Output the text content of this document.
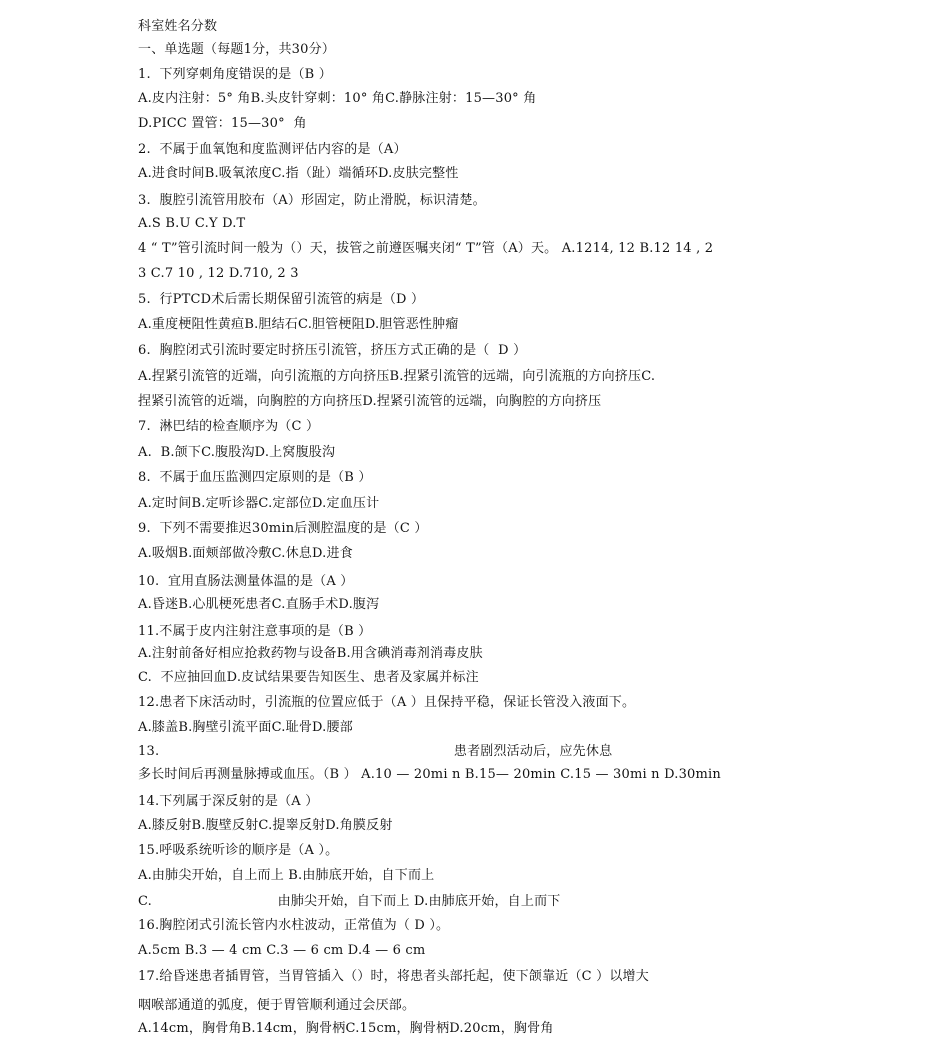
科室姓名分数
一、单选题（每题1分，共30分）
1.  下列穿刺角度错误的是（B ）
A.皮内注射：5° 角B.头皮针穿刺：10° 角C.静脉注射：15—30° 角
D.PICC 置管：15—30°  角
2.  不属于血氧饱和度监测评估内容的是（A）
A.进食时间B.吸氧浓度C.指（趾）端循环D.皮肤完整性
3.  腹腔引流管用胶布（A）形固定，防止滑脱，标识清楚。
A.S B.U C.Y D.T
4 “ T”管引流时间一般为（）天，拔管之前遵医嘱夹闭“ T”管（A）天。 A.1214, 12 B.12 14 , 2
3 C.7 10 , 12 D.710, 2 3
5.  行PTCD术后需长期保留引流管的病是（D ）
A.重度梗阻性黄疸B.胆结石C.胆管梗阻D.胆管恶性肿瘤
6.  胸腔闭式引流时要定时挤压引流管，挤压方式正确的是（  D ）
A.捏紧引流管的近端，向引流瓶的方向挤压B.捏紧引流管的远端，向引流瓶的方向挤压C.
捏紧引流管的近端，向胸腔的方向挤压D.捏紧引流管的远端，向胸腔的方向挤压
7.  淋巴结的检查顺序为（C ）
A.  B.颌下C.腹股沟D.上窝腹股沟
8.  不属于血压监测四定原则的是（B ）
A.定时间B.定听诊器C.定部位D.定血压计
9.  下列不需要推迟30min后测腔温度的是（C ）
A.吸烟B.面颊部做冷敷C.休息D.进食
10.  宜用直肠法测量体温的是（A ）
A.昏迷B.心肌梗死患者C.直肠手术D.腹泻
11.不属于皮内注射注意事项的是（B ）
A.注射前备好相应抢救药物与设备B.用含碘消毒剂消毒皮肤
C.  不应抽回血D.皮试结果要告知医生、患者及家属并标注
12.患者下床活动时，引流瓶的位置应低于（A ）且保持平稳，保证长管没入液面下。
A.膝盖B.胸壁引流平面C.耻骨D.腰部
13.                                                                    患者剧烈活动后，应先休息
多长时间后再测量脉搏或血压。（B ） A.10 — 20mi n B.15— 20min C.15 — 30mi n D.30min
14.下列属于深反射的是（A ）
A.膝反射B.腹壁反射C.提睾反射D.角膜反射
15.呼吸系统听诊的顺序是（A ）。
A.由肺尖开始，自上而上 B.由肺底开始，自下而上
C.                             由肺尖开始，自下而上 D.由肺底开始，自上而下
16.胸腔闭式引流长管内水柱波动，正常值为（ D ）。
A.5cm B.3 — 4 cm C.3 — 6 cm D.4 — 6 cm
17.给昏迷患者插胃管，当胃管插入（）时，将患者头部托起，使下颌靠近（C ）以增大
咽喉部通道的弧度，便于胃管顺利通过会厌部。
A.14cm，胸骨角B.14cm，胸骨柄C.15cm，胸骨柄D.20cm，胸骨角
